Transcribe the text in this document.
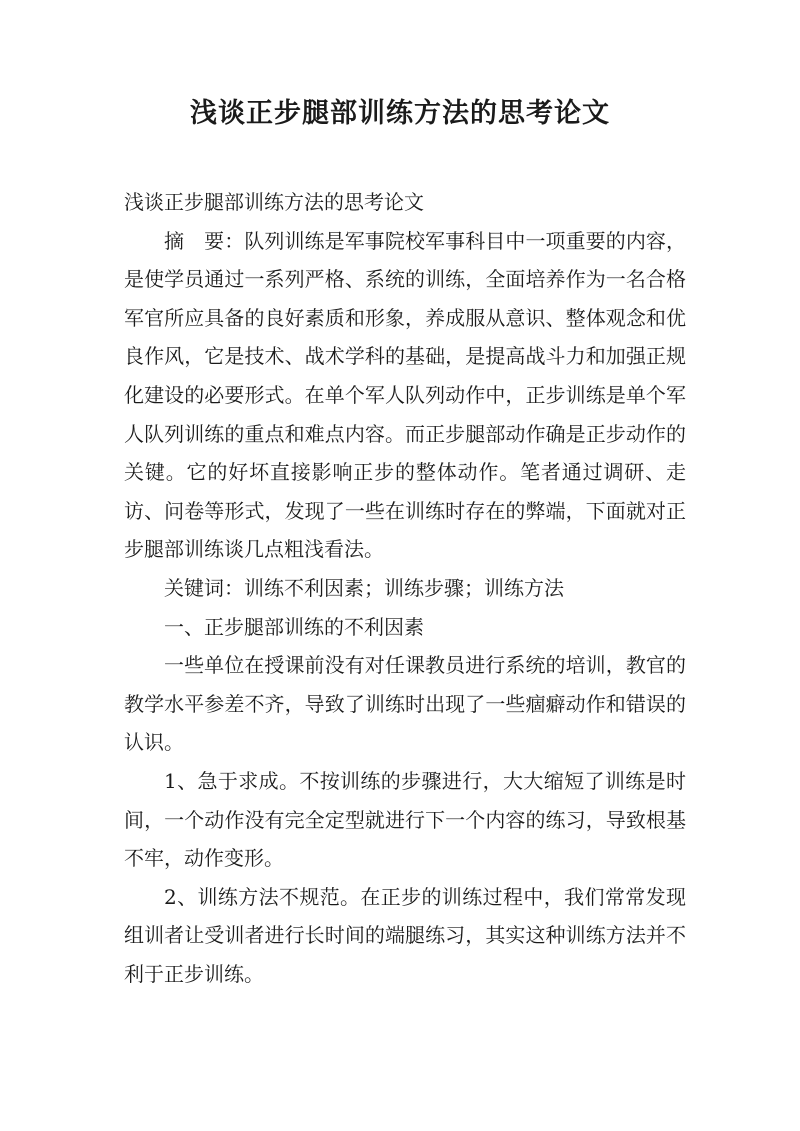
浅谈正步腿部训练方法的思考论文

浅谈正步腿部训练方法的思考论文

摘　要：队列训练是军事院校军事科目中一项重要的内容，是使学员通过一系列严格、系统的训练，全面培养作为一名合格军官所应具备的良好素质和形象，养成服从意识、整体观念和优良作风，它是技术、战术学科的基础，是提高战斗力和加强正规化建设的必要形式。在单个军人队列动作中，正步训练是单个军人队列训练的重点和难点内容。而正步腿部动作确是正步动作的关键。它的好坏直接影响正步的整体动作。笔者通过调研、走访、问卷等形式，发现了一些在训练时存在的弊端，下面就对正步腿部训练谈几点粗浅看法。

关键词：训练不利因素；训练步骤；训练方法

一、正步腿部训练的不利因素

一些单位在授课前没有对任课教员进行系统的培训，教官的教学水平参差不齐，导致了训练时出现了一些痼癖动作和错误的认识。

1、急于求成。不按训练的步骤进行，大大缩短了训练是时间，一个动作没有完全定型就进行下一个内容的练习，导致根基不牢，动作变形。

2、训练方法不规范。在正步的训练过程中，我们常常发现组训者让受训者进行长时间的端腿练习，其实这种训练方法并不利于正步训练。
